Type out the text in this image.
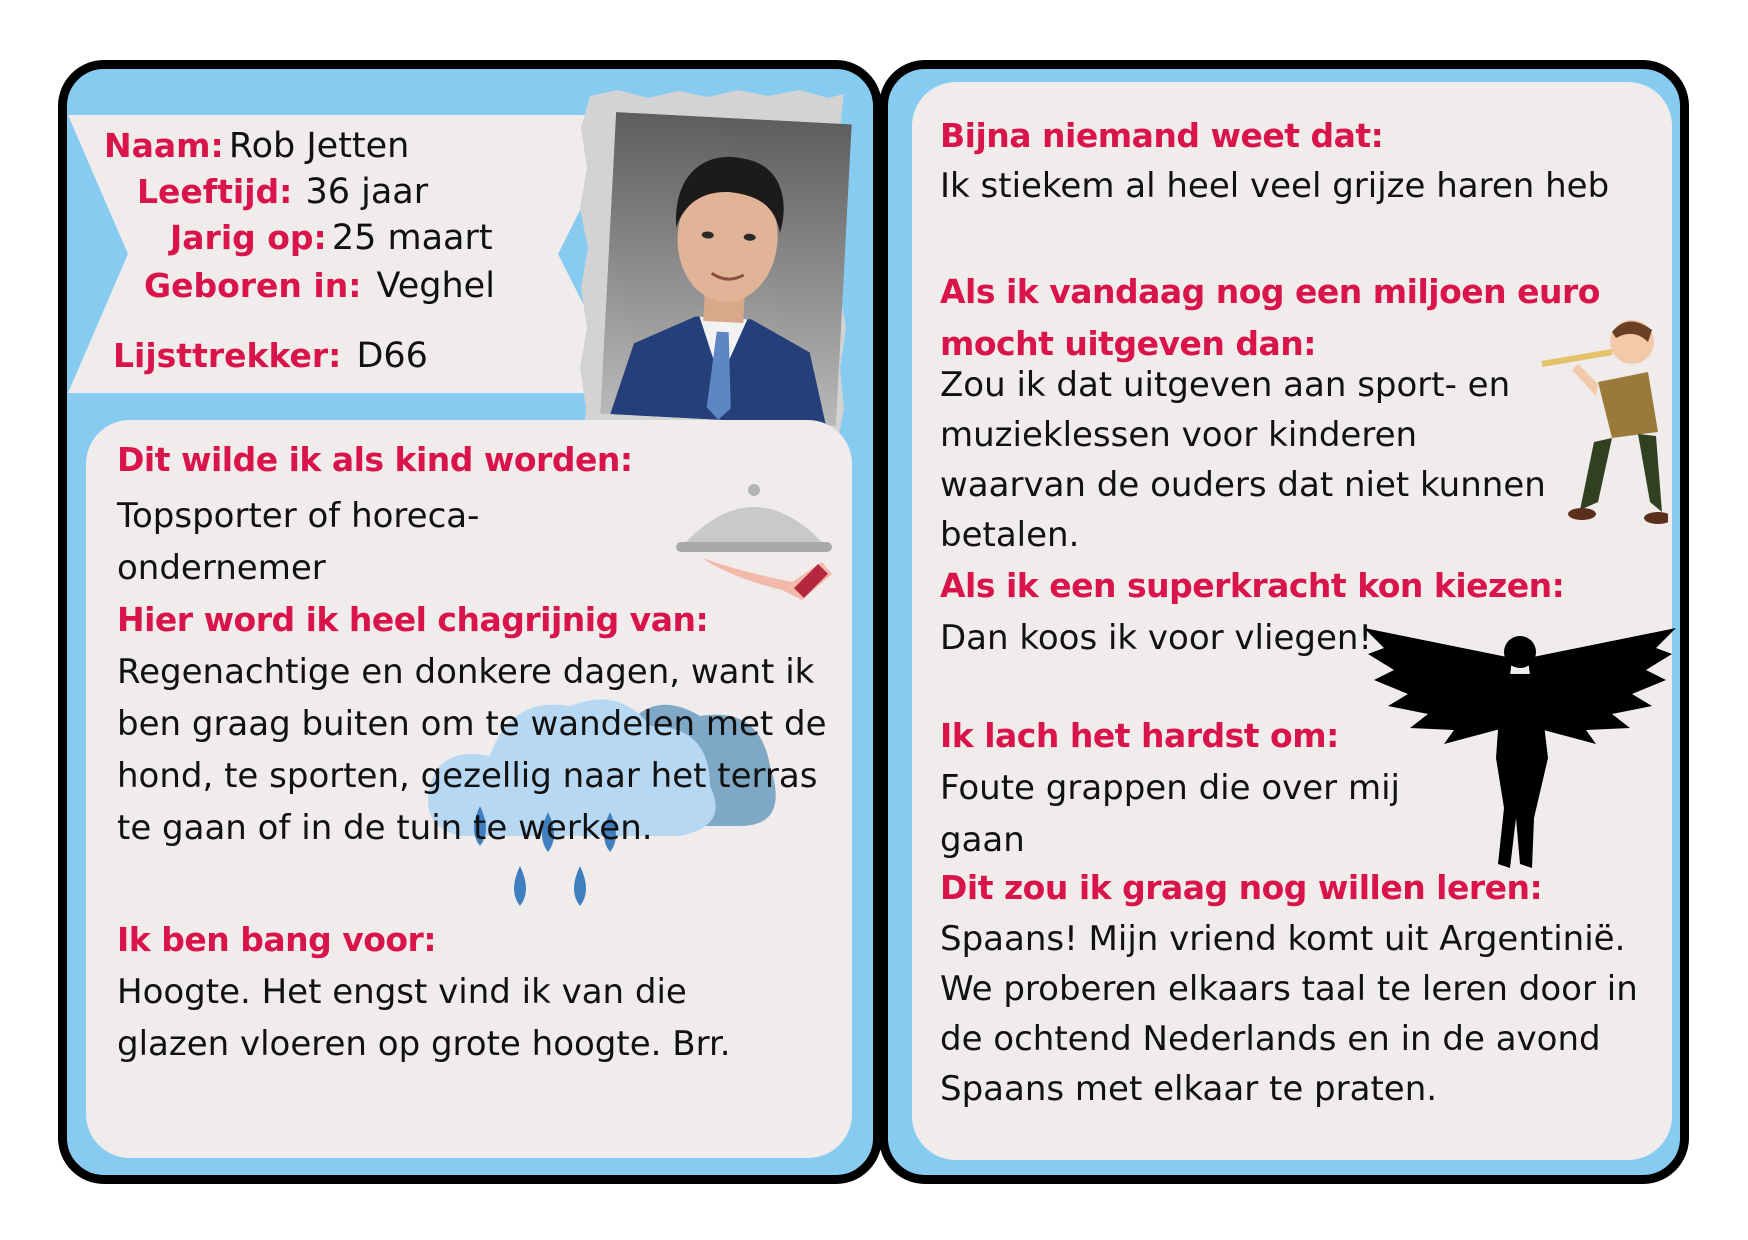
Naam: Rob Jetten
Leeftijd: 36 jaar
Jarig op: 25 maart
Geboren in: Veghel
Lijsttrekker: D66
Dit wilde ik als kind worden:
Topsporter of horeca-ondernemer
Hier word ik heel chagrijnig van:
Regenachtige en donkere dagen, want ik ben graag buiten om te wandelen met de hond, te sporten, gezellig naar het terras te gaan of in de tuin te werken.
Ik ben bang voor:
Hoogte. Het engst vind ik van die glazen vloeren op grote hoogte. Brr.
Bijna niemand weet dat:
Ik stiekem al heel veel grijze haren heb
Als ik vandaag nog een miljoen euro mocht uitgeven dan:
Zou ik dat uitgeven aan sport- en muzieklessen voor kinderen waarvan de ouders dat niet kunnen betalen.
Als ik een superkracht kon kiezen:
Dan koos ik voor vliegen!
Ik lach het hardst om:
Foute grappen die over mij gaan
Dit zou ik graag nog willen leren:
Spaans! Mijn vriend komt uit Argentinië. We proberen elkaars taal te leren door in de ochtend Nederlands en in de avond Spaans met elkaar te praten.
